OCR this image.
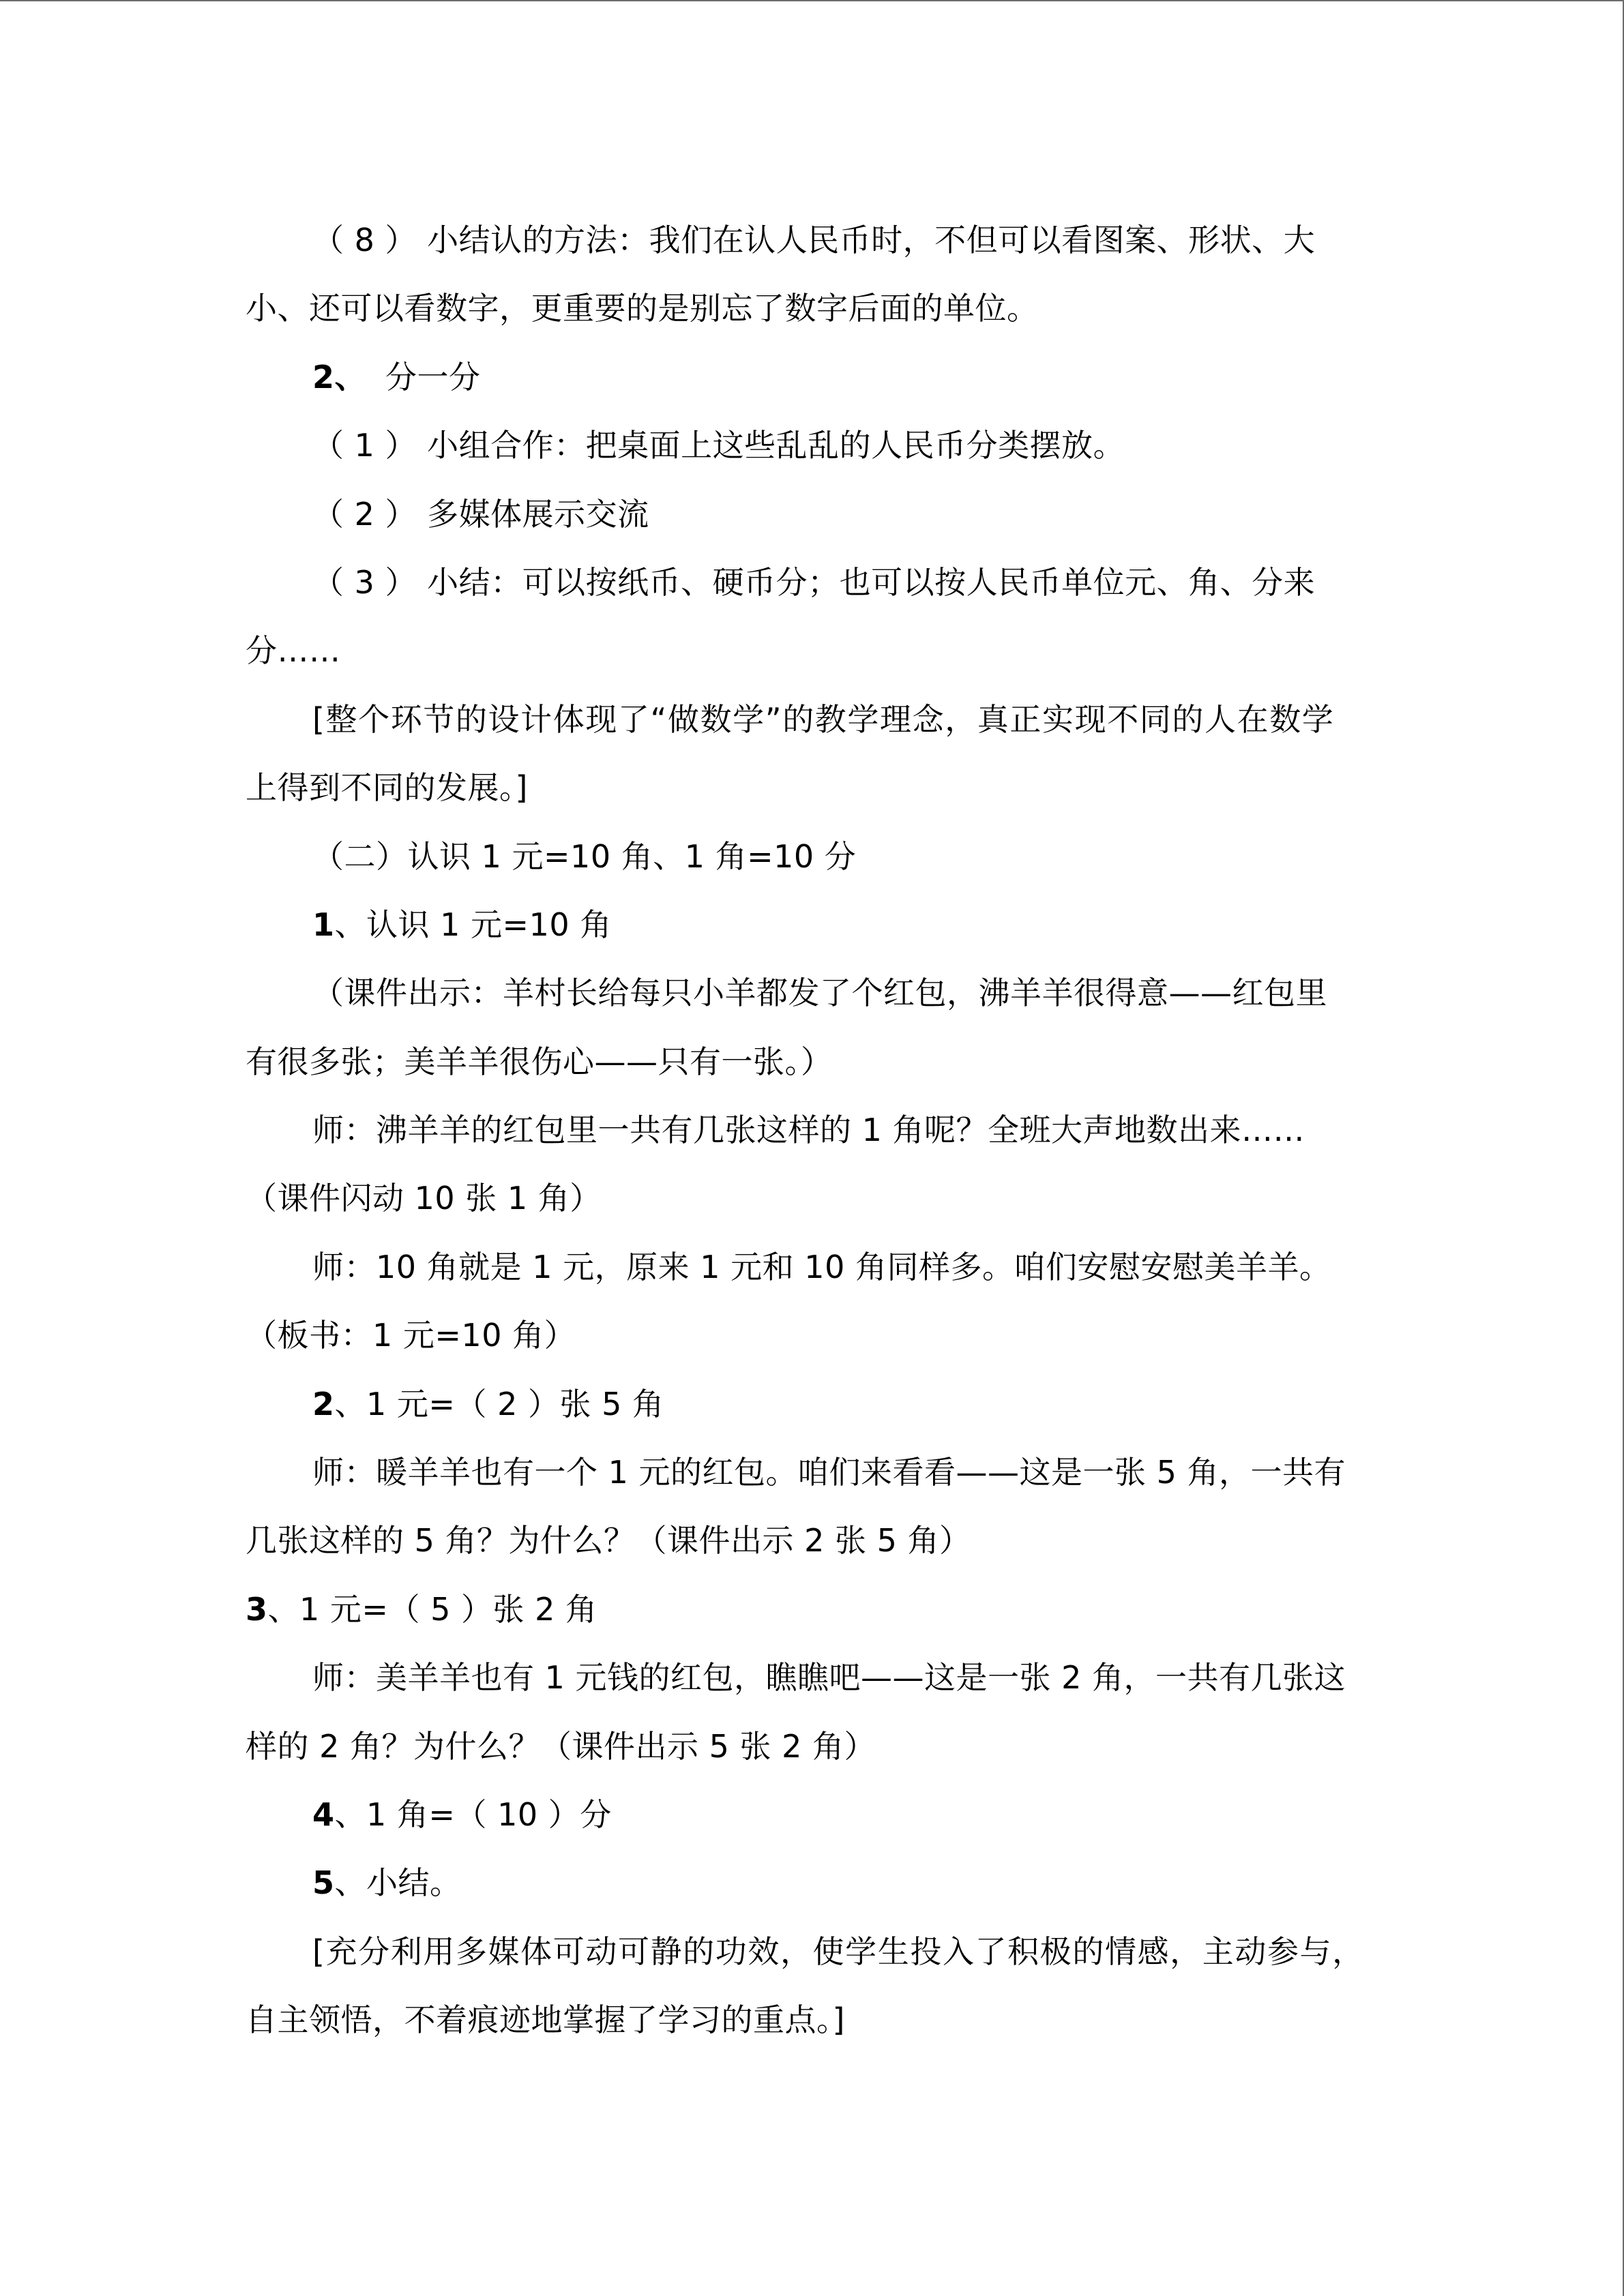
（ 8 ） 小结认的方法：我们在认人民币时，不但可以看图案、形状、大
小、还可以看数字，更重要的是别忘了数字后面的单位。
2、 分一分
（ 1 ） 小组合作：把桌面上这些乱乱的人民币分类摆放。
（ 2 ） 多媒体展示交流
（ 3 ） 小结：可以按纸币、硬币分；也可以按人民币单位元、角、分来
分……
[整个环节的设计体现了“做数学”的教学理念，真正实现不同的人在数学
上得到不同的发展。]
（二）认识 1 元=10 角、1 角=10 分
1、认识 1 元=10 角
（课件出示：羊村长给每只小羊都发了个红包，沸羊羊很得意——红包里
有很多张；美羊羊很伤心——只有一张。）
师：沸羊羊的红包里一共有几张这样的 1 角呢？全班大声地数出来……
（课件闪动 10 张 1 角）
师：10 角就是 1 元，原来 1 元和 10 角同样多。咱们安慰安慰美羊羊。
（板书：1 元=10 角）
2、1 元=（ 2 ）张 5 角
师：暖羊羊也有一个 1 元的红包。咱们来看看——这是一张 5 角，一共有
几张这样的 5 角？为什么？（课件出示 2 张 5 角）
3、1 元=（ 5 ）张 2 角
师：美羊羊也有 1 元钱的红包，瞧瞧吧——这是一张 2 角，一共有几张这
样的 2 角？为什么？（课件出示 5 张 2 角）
4、1 角=（ 10 ）分
5、小结。
[充分利用多媒体可动可静的功效，使学生投入了积极的情感，主动参与，
自主领悟，不着痕迹地掌握了学习的重点。]
